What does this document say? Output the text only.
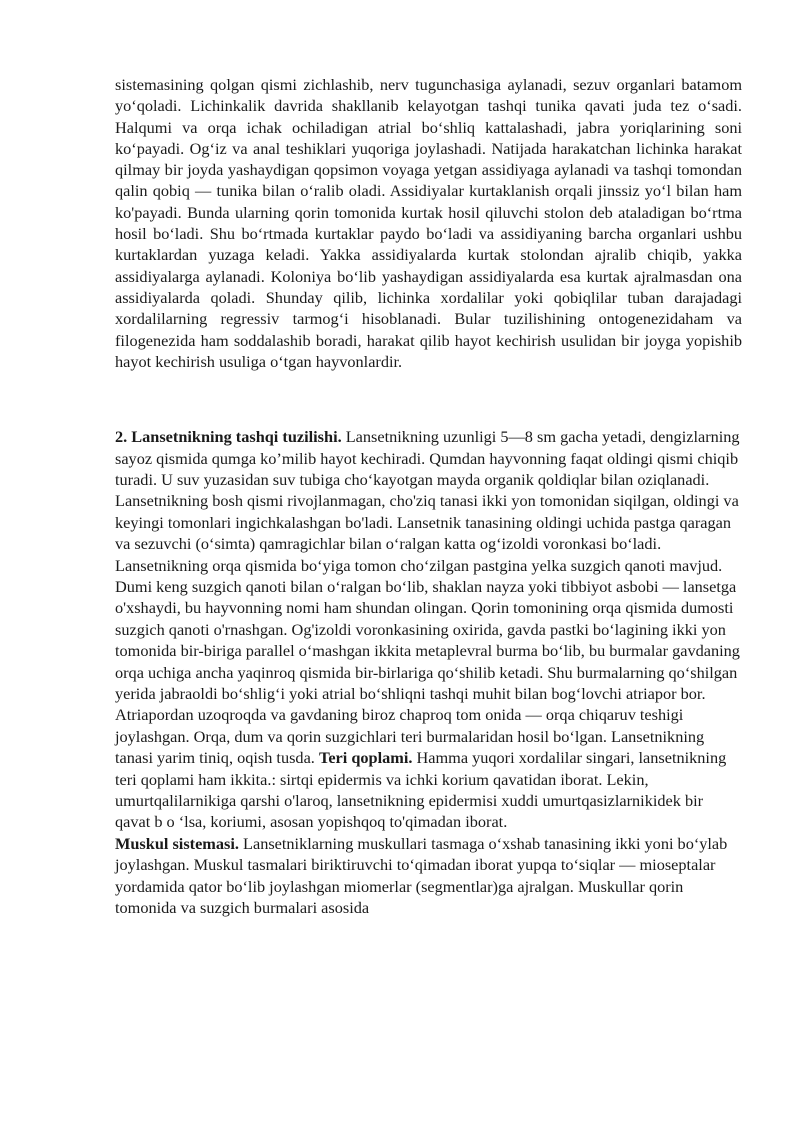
sistemasining qolgan qismi zichlashib, nerv tugunchasiga aylanadi, sezuv organlari batamom yo‘qoladi. Lichinkalik davrida shakllanib kelayotgan tashqi tunika qavati juda tez o‘sadi. Halqumi va orqa ichak ochiladigan atrial bo‘shliq kattalashadi, jabra yoriqlarining soni ko‘payadi. Og‘iz va anal teshiklari yuqoriga joylashadi. Natijada harakatchan lichinka harakat qilmay bir joyda yashaydigan qopsimon voyaga yetgan assidiyaga aylanadi va tashqi tomondan qalin qobiq — tunika bilan o‘ralib oladi. Assidiyalar kurtaklanish orqali jinssiz yo‘l bilan ham ko'payadi. Bunda ularning qorin tomonida kurtak hosil qiluvchi stolon deb ataladigan bo‘rtma hosil bo‘ladi. Shu bo‘rtmada kurtaklar paydo bo‘ladi va assidiyaning barcha organlari ushbu kurtaklardan yuzaga keladi. Yakka assidiyalarda kurtak stolondan ajralib chiqib, yakka assidiyalarga aylanadi. Koloniya bo‘lib yashaydigan assidiyalarda esa kurtak ajralmasdan ona assidiyalarda qoladi. Shunday qilib, lichinka xordalilar yoki qobiqlilar tuban darajadagi xordalilarning regressiv tarmog‘i hisoblanadi. Bular tuzilishining ontogenezidaham va filogenezida ham soddalashib boradi, harakat qilib hayot kechirish usulidan bir joyga yopishib hayot kechirish usuliga o‘tgan hayvonlardir.

2. Lansetnikning tashqi tuzilishi. Lansetnikning uzunligi 5—8 sm gacha yetadi, dengizlarning sayoz qismida qumga ko’milib hayot kechiradi. Qumdan hayvonning faqat oldingi qismi chiqib turadi. U suv yuzasidan suv tubiga cho‘kayotgan mayda organik qoldiqlar bilan oziqlanadi. Lansetnikning bosh qismi rivojlanmagan, cho'ziq tanasi ikki yon tomonidan siqilgan, oldingi va keyingi tomonlari ingichkalashgan bo'ladi. Lansetnik tanasining oldingi uchida pastga qaragan va sezuvchi (o‘simta) qamragichlar bilan o‘ralgan katta og‘izoldi voronkasi bo‘ladi. Lansetnikning orqa qismida bo‘yiga tomon cho‘zilgan pastgina yelka suzgich qanoti mavjud. Dumi keng suzgich qanoti bilan o‘ralgan bo‘lib, shaklan nayza yoki tibbiyot asbobi — lansetga o'xshaydi, bu hayvonning nomi ham shundan olingan. Qorin tomonining orqa qismida dumosti suzgich qanoti o'rnashgan. Og'izoldi voronkasining oxirida, gavda pastki bo‘lagining ikki yon tomonida bir-biriga parallel o‘mashgan ikkita metaplevral burma bo‘lib, bu burmalar gavdaning orqa uchiga ancha yaqinroq qismida bir-birlariga qo‘shilib ketadi. Shu burmalarning qo‘shilgan yerida jabraoldi bo‘shlig‘i yoki atrial bo‘shliqni tashqi muhit bilan bog‘lovchi atriapor bor. Atriapordan uzoqroqda va gavdaning biroz chaproq tom onida — orqa chiqaruv teshigi joylashgan. Orqa, dum va qorin suzgichlari teri burmalaridan hosil bo‘lgan. Lansetnikning tanasi yarim tiniq, oqish tusda. Teri qoplami. Hamma yuqori xordalilar singari, lansetnikning teri qoplami ham ikkita.: sirtqi epidermis va ichki korium qavatidan iborat. Lekin, umurtqalilarnikiga qarshi o'laroq, lansetnikning epidermisi xuddi umurtqasizlarnikidek bir qavat b o ‘lsa, koriumi, asosan yopishqoq to'qimadan iborat.

Muskul sistemasi. Lansetniklarning muskullari tasmaga o‘xshab tanasining ikki yoni bo‘ylab joylashgan. Muskul tasmalari biriktiruvchi to‘qimadan iborat yupqa to‘siqlar — mioseptalar yordamida qator bo‘lib joylashgan miomerlar (segmentlar)ga ajralgan. Muskullar qorin tomonida va suzgich burmalari asosida
